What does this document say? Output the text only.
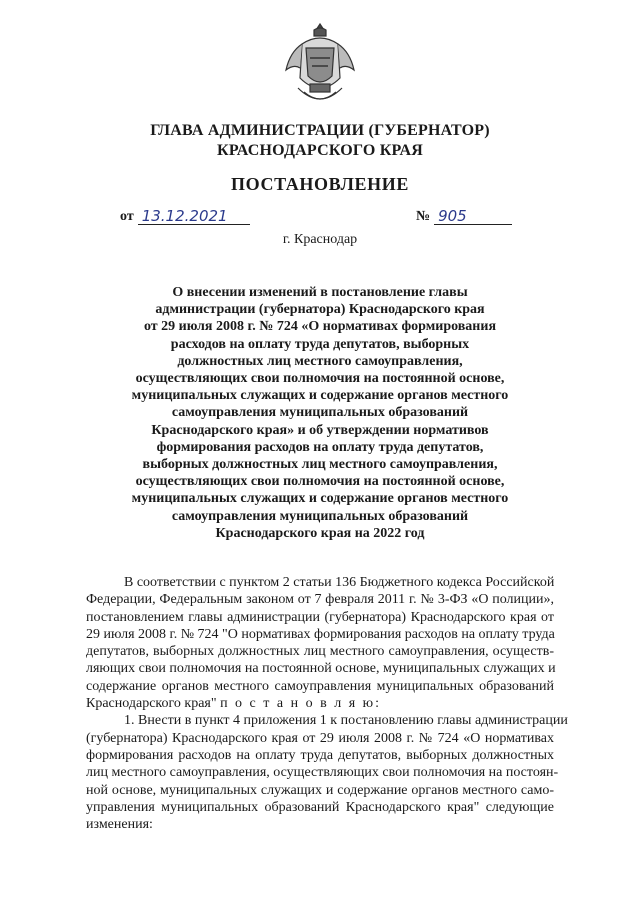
ГЛАВА АДМИНИСТРАЦИИ (ГУБЕРНАТОР)
КРАСНОДАРСКОГО КРАЯ
ПОСТАНОВЛЕНИЕ
от 13.12.2021	№ 905
г. Краснодар
О внесении изменений в постановление главы
администрации (губернатора) Краснодарского края
от 29 июля 2008 г. № 724 «О нормативах формирования
расходов на оплату труда депутатов, выборных
должностных лиц местного самоуправления,
осуществляющих свои полномочия на постоянной основе,
муниципальных служащих и содержание органов местного
самоуправления муниципальных образований
Краснодарского края» и об утверждении нормативов
формирования расходов на оплату труда депутатов,
выборных должностных лиц местного самоуправления,
осуществляющих свои полномочия на постоянной основе,
муниципальных служащих и содержание органов местного
самоуправления муниципальных образований
Краснодарского края на 2022 год
В соответствии с пунктом 2 статьи 136 Бюджетного кодекса Российской
Федерации, Федеральным законом от 7 февраля 2011 г. № 3-ФЗ «О полиции»,
постановлением главы администрации (губернатора) Краснодарского края от
29 июля 2008 г. № 724 "О нормативах формирования расходов на оплату труда
депутатов, выборных должностных лиц местного самоуправления, осуществ-
ляющих свои полномочия на постоянной основе, муниципальных служащих и
содержание органов местного самоуправления муниципальных образований
Краснодарского края" п о с т а н о в л я ю:
1. Внести в пункт 4 приложения 1 к постановлению главы администрации
(губернатора) Краснодарского края от 29 июля 2008 г. № 724 «О нормативах
формирования расходов на оплату труда депутатов, выборных должностных
лиц местного самоуправления, осуществляющих свои полномочия на постоян-
ной основе, муниципальных служащих и содержание органов местного само-
управления муниципальных образований Краснодарского края" следующие
изменения:
